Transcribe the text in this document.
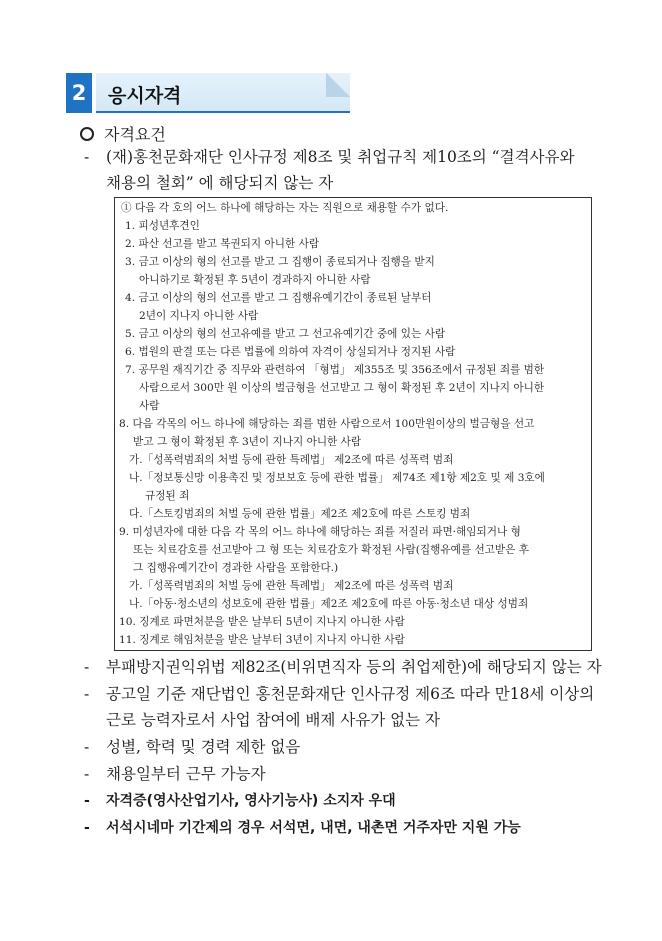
2 응시자격
자격요건
- (재)홍천문화재단 인사규정 제8조 및 취업규칙 제10조의 “결격사유와
채용의 철회” 에 해당되지 않는 자
① 다음 각 호의 어느 하나에 해당하는 자는 직원으로 채용할 수가 없다.
1. 피성년후견인
2. 파산 선고를 받고 복권되지 아니한 사람
3. 금고 이상의 형의 선고를 받고 그 집행이 종료되거나 집행을 받지
아니하기로 확정된 후 5년이 경과하지 아니한 사람
4. 금고 이상의 형의 선고를 받고 그 집행유예기간이 종료된 날부터
2년이 지나지 아니한 사람
5. 금고 이상의 형의 선고유예를 받고 그 선고유예기간 중에 있는 사람
6. 법원의 판결 또는 다른 법률에 의하여 자격이 상실되거나 정지된 사람
7. 공무원 재직기간 중 직무와 관련하여 「형법」 제355조 및 356조에서 규정된 죄를 범한
사람으로서 300만 원 이상의 벌금형을 선고받고 그 형이 확정된 후 2년이 지나지 아니한
사람
8. 다음 각목의 어느 하나에 해당하는 죄를 범한 사람으로서 100만원이상의 벌금형을 선고
받고 그 형이 확정된 후 3년이 지나지 아니한 사람
가.「성폭력범죄의 처벌 등에 관한 특례법」 제2조에 따른 성폭력 범죄
나.「정보통신망 이용촉진 및 정보보호 등에 관한 법률」 제74조 제1항 제2호 및 제 3호에
규정된 죄
다.「스토킹범죄의 처벌 등에 관한 법률」제2조 제2호에 따른 스토킹 범죄
9. 미성년자에 대한 다음 각 목의 어느 하나에 해당하는 죄를 저질러 파면·해임되거나 형
또는 치료감호를 선고받아 그 형 또는 치료감호가 확정된 사람(집행유예를 선고받은 후
그 집행유예기간이 경과한 사람을 포함한다.)
가.「성폭력범죄의 처벌 등에 관한 특례법」 제2조에 따른 성폭력 범죄
나.「아동·청소년의 성보호에 관한 법률」제2조 제2호에 따른 아동·청소년 대상 성범죄
10. 징계로 파면처분을 받은 날부터 5년이 지나지 아니한 사람
11. 징계로 해임처분을 받은 날부터 3년이 지나지 아니한 사람
- 부패방지권익위법 제82조(비위면직자 등의 취업제한)에 해당되지 않는 자
- 공고일 기준 재단법인 홍천문화재단 인사규정 제6조 따라 만18세 이상의
근로 능력자로서 사업 참여에 배제 사유가 없는 자
- 성별, 학력 및 경력 제한 없음
- 채용일부터 근무 가능자
- 자격증(영사산업기사, 영사기능사) 소지자 우대
- 서석시네마 기간제의 경우 서석면, 내면, 내촌면 거주자만 지원 가능
